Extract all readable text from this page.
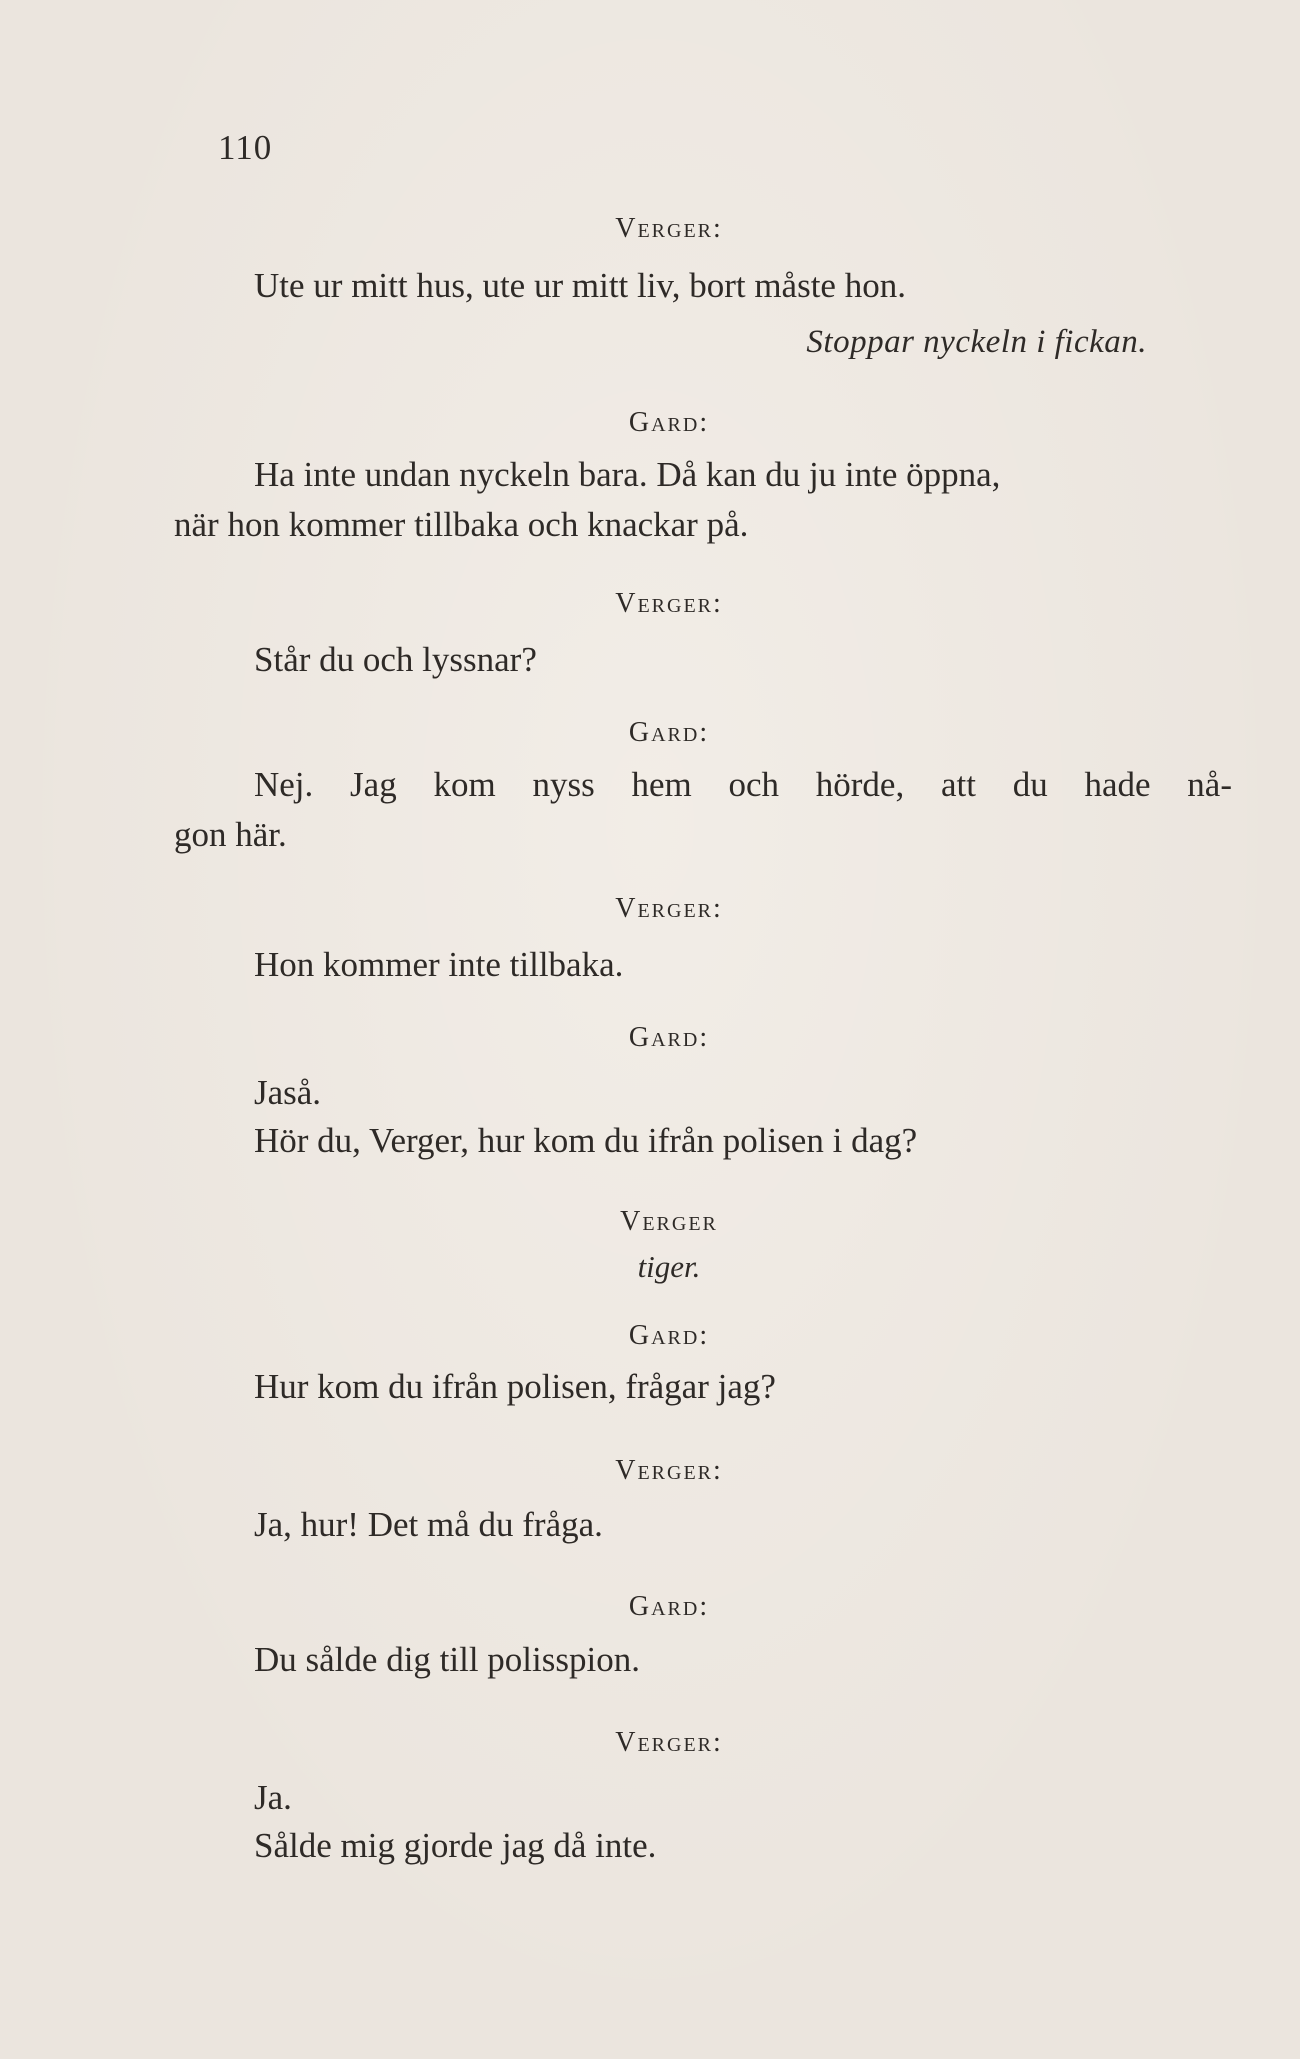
110
Verger:
Ute ur mitt hus, ute ur mitt liv, bort måste hon.
Stoppar nyckeln i fickan.
Gard:
Ha inte undan nyckeln bara. Då kan du ju inte öppna,
när hon kommer tillbaka och knackar på.
Verger:
Står du och lyssnar?
Gard:
Nej. Jag kom nyss hem och hörde, att du hade nå-
gon här.
Verger:
Hon kommer inte tillbaka.
Gard:
Jaså.
Hör du, Verger, hur kom du ifrån polisen i dag?
Verger
tiger.
Gard:
Hur kom du ifrån polisen, frågar jag?
Verger:
Ja, hur! Det må du fråga.
Gard:
Du sålde dig till polisspion.
Verger:
Ja.
Sålde mig gjorde jag då inte.
